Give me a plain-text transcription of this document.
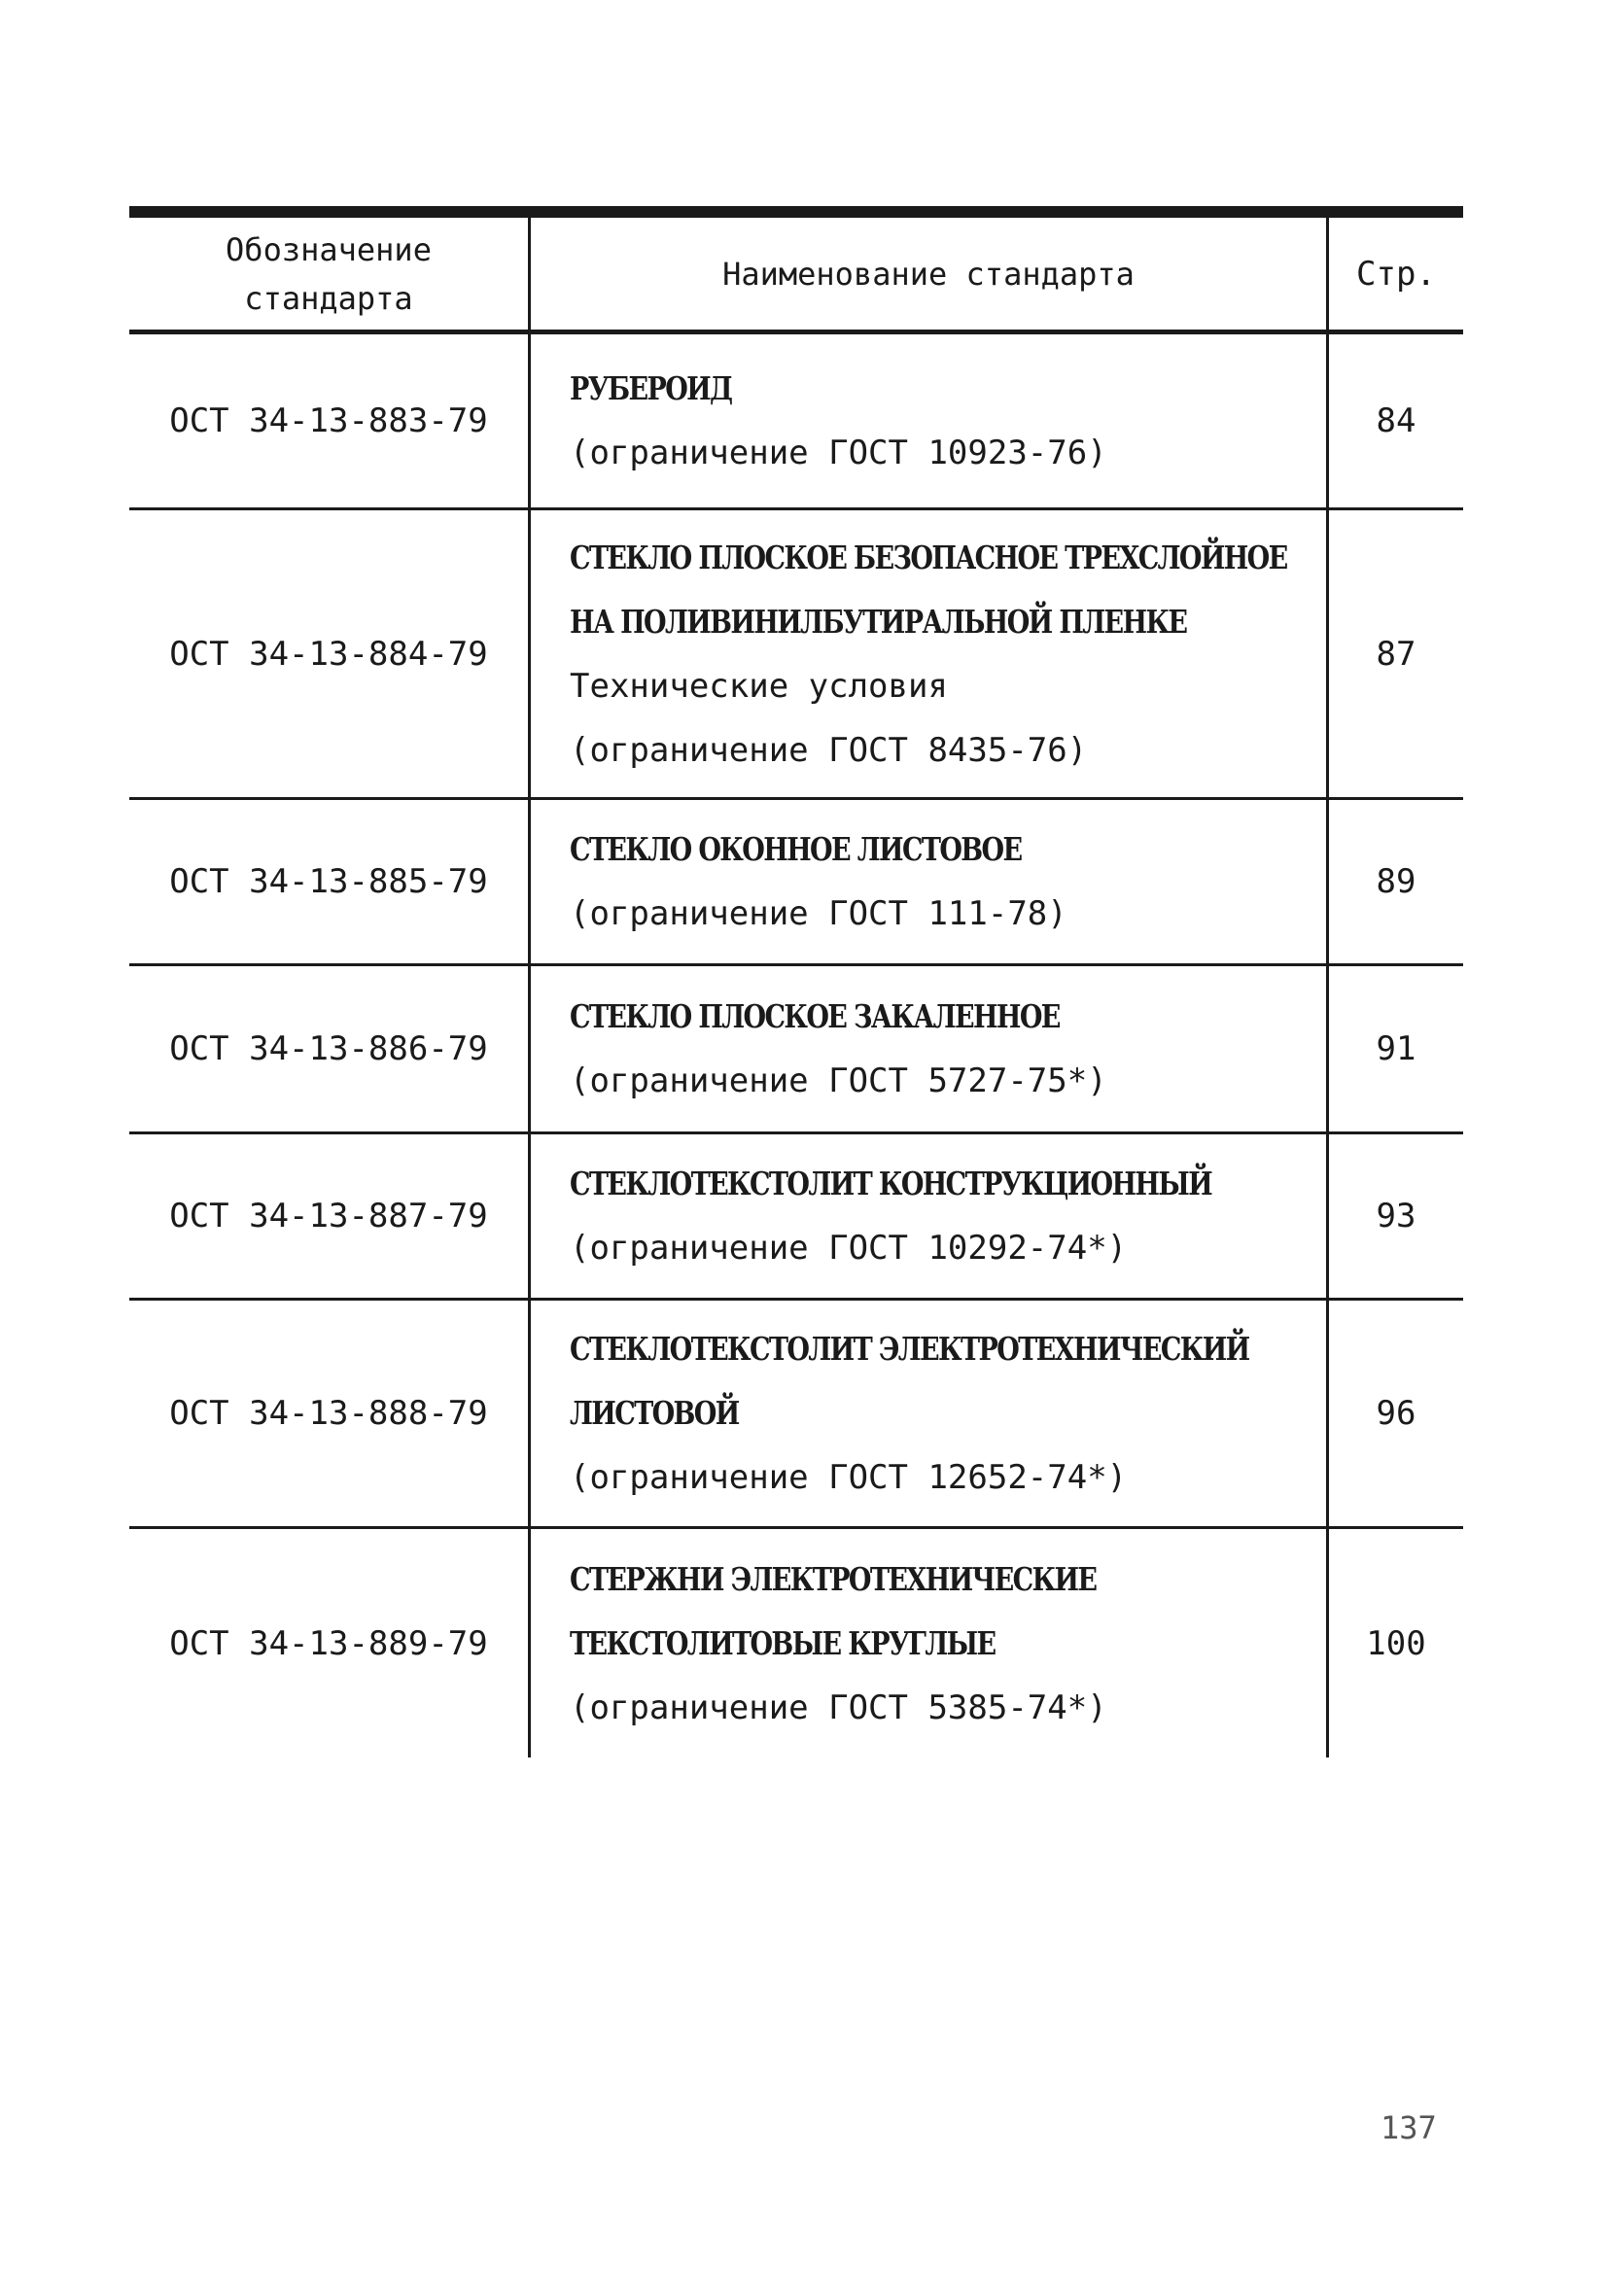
Обозначение
стандарта
Наименование стандарта	Стр.
ОСТ 34-13-883-79
РУБЕРОИД
(ограничение ГОСТ 10923-76)
84
ОСТ 34-13-884-79
СТЕКЛО ПЛОСКОЕ БЕЗОПАСНОЕ ТРЕХСЛОЙНОЕ
НА ПОЛИВИНИЛБУТИРАЛЬНОЙ ПЛЕНКЕ
Технические условия
(ограничение ГОСТ 8435-76)
87
ОСТ 34-13-885-79
СТЕКЛО ОКОННОЕ ЛИСТОВОЕ
(ограничение ГОСТ 111-78)
89
ОСТ 34-13-886-79
СТЕКЛО ПЛОСКОЕ ЗАКАЛЕННОЕ
(ограничение ГОСТ 5727-75*)
91
ОСТ 34-13-887-79
СТЕКЛОТЕКСТОЛИТ КОНСТРУКЦИОННЫЙ
(ограничение ГОСТ 10292-74*)
93
ОСТ 34-13-888-79
СТЕКЛОТЕКСТОЛИТ ЭЛЕКТРОТЕХНИЧЕСКИЙ
ЛИСТОВОЙ
(ограничение ГОСТ 12652-74*)
96
ОСТ 34-13-889-79
СТЕРЖНИ ЭЛЕКТРОТЕХНИЧЕСКИЕ
ТЕКСТОЛИТОВЫЕ КРУГЛЫЕ
(ограничение ГОСТ 5385-74*)
100
137
